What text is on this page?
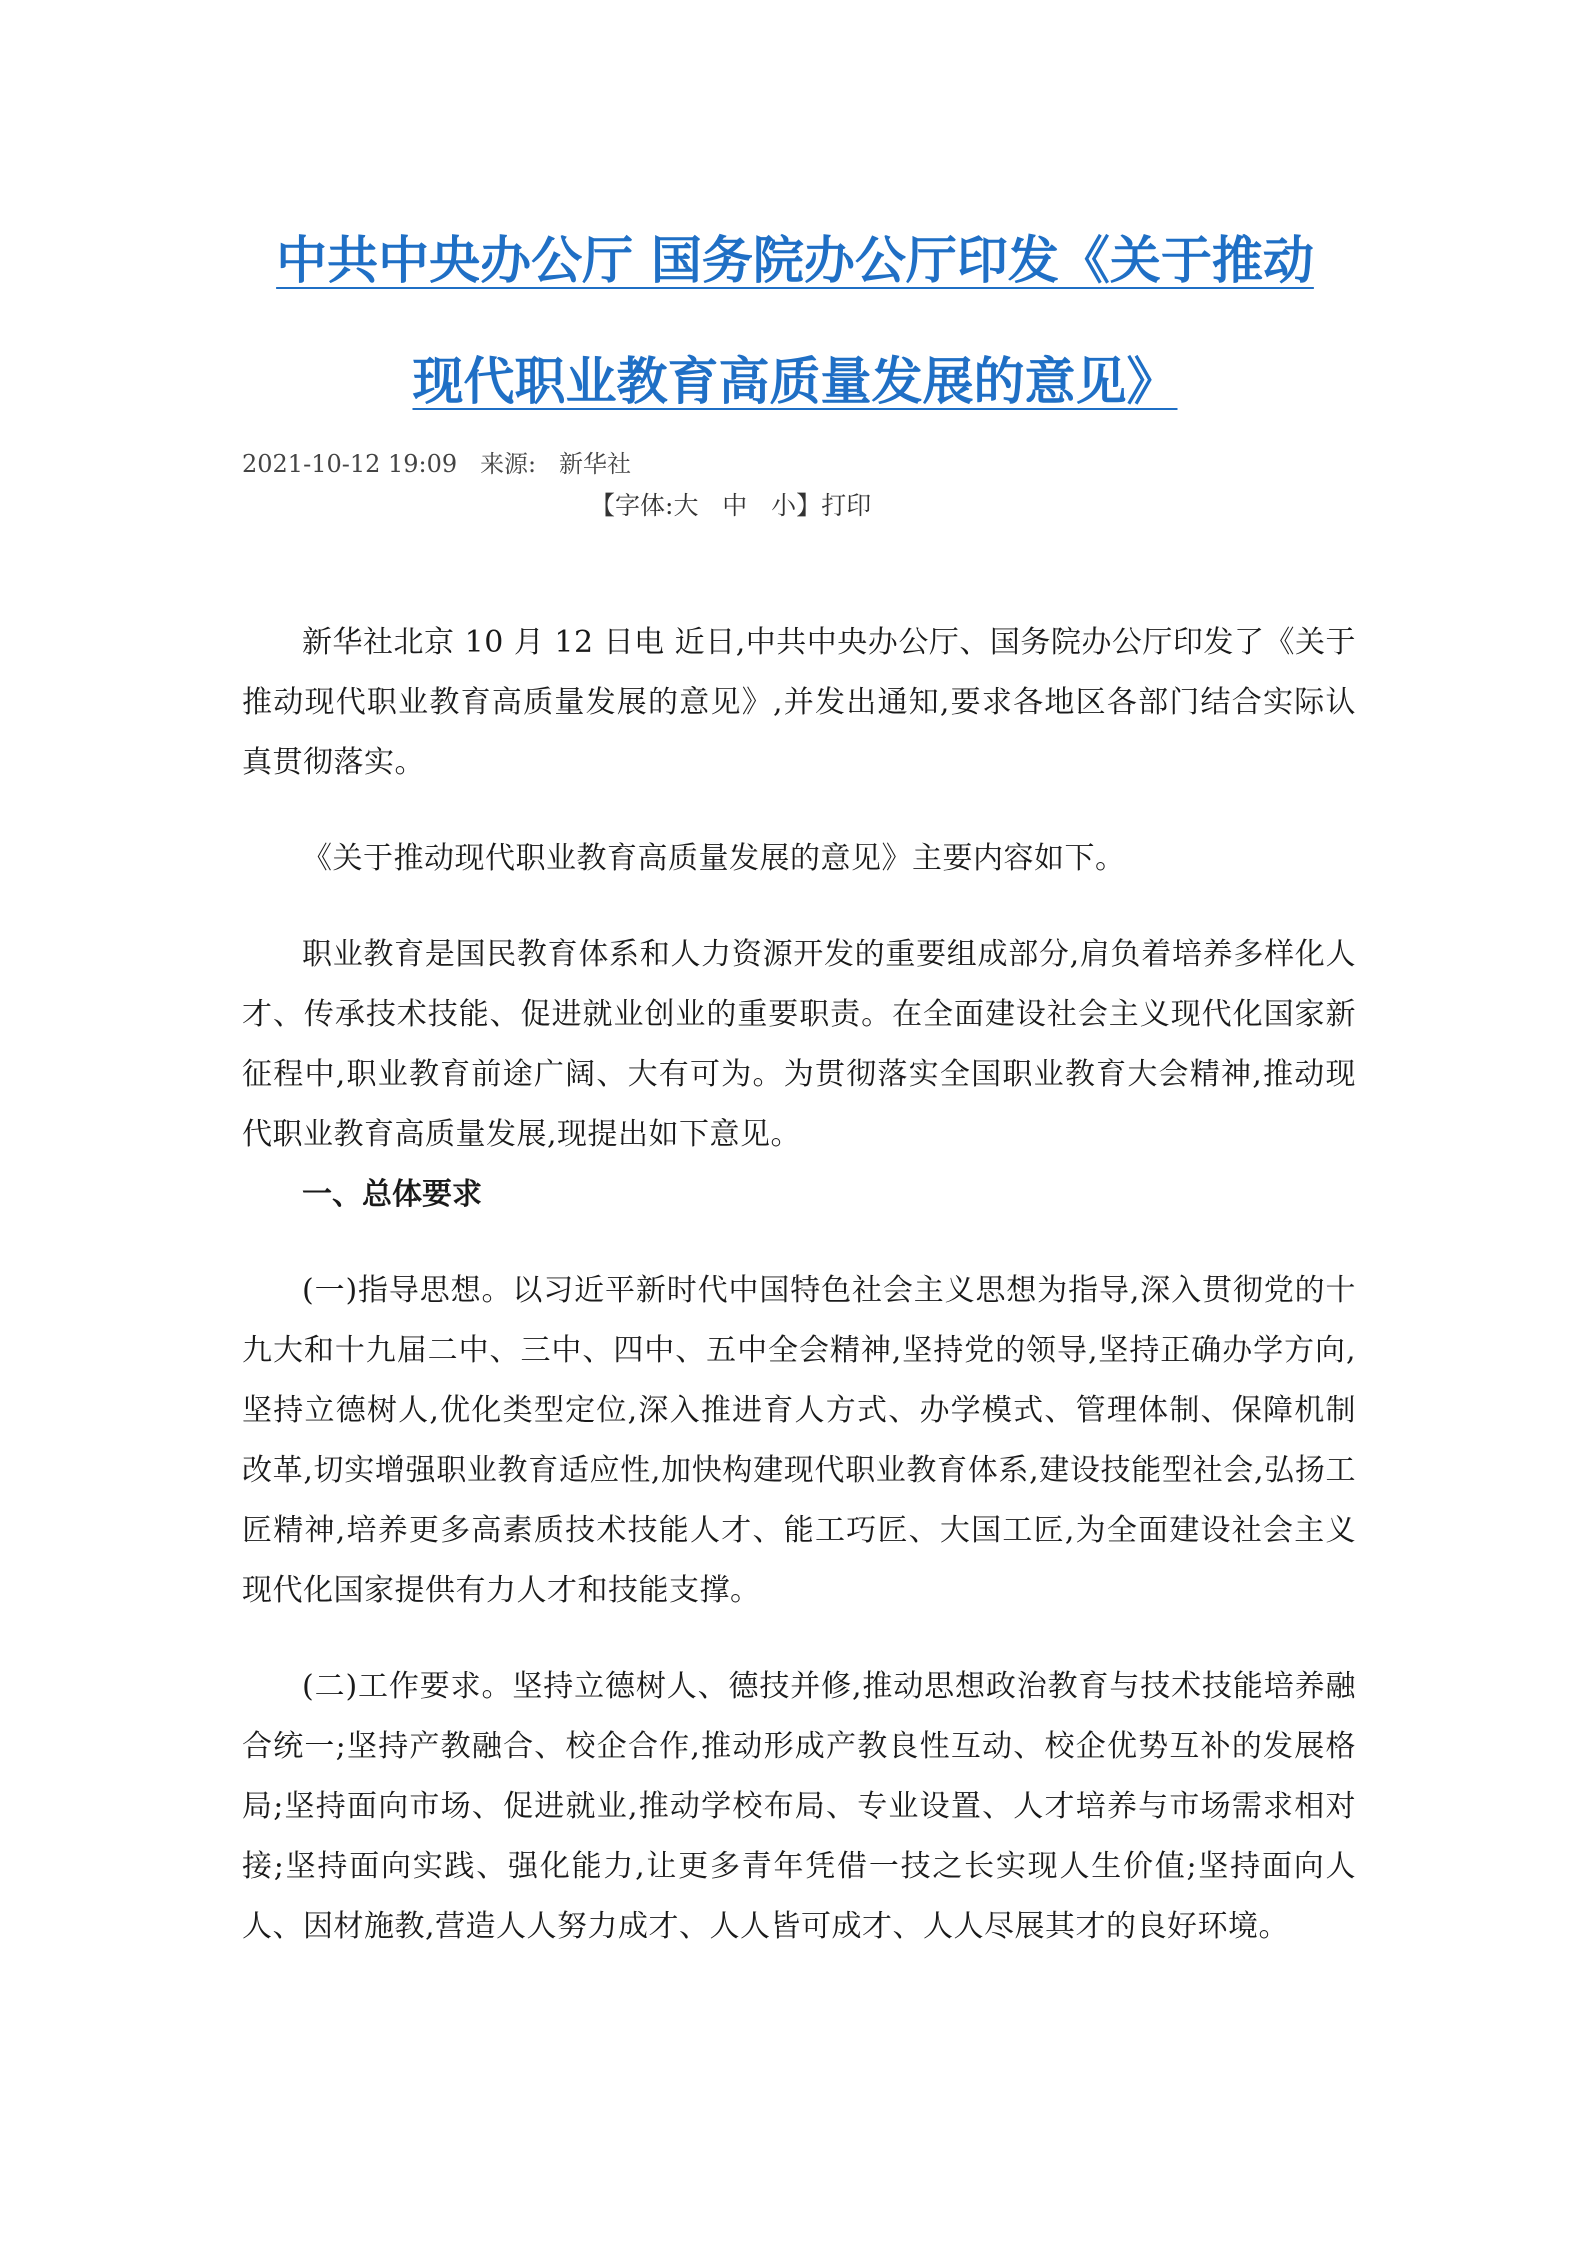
中共中央办公厅 国务院办公厅印发《关于推动
现代职业教育高质量发展的意见》
2021-10-12 19:09 来源: 新华社
【字体:大 中 小】打印

新华社北京 10 月 12 日电 近日,中共中央办公厅、国务院办公厅印发了《关于推动现代职业教育高质量发展的意见》,并发出通知,要求各地区各部门结合实际认真贯彻落实。

《关于推动现代职业教育高质量发展的意见》主要内容如下。

职业教育是国民教育体系和人力资源开发的重要组成部分,肩负着培养多样化人才、传承技术技能、促进就业创业的重要职责。在全面建设社会主义现代化国家新征程中,职业教育前途广阔、大有可为。为贯彻落实全国职业教育大会精神,推动现代职业教育高质量发展,现提出如下意见。

一、总体要求

(一)指导思想。以习近平新时代中国特色社会主义思想为指导,深入贯彻党的十九大和十九届二中、三中、四中、五中全会精神,坚持党的领导,坚持正确办学方向,坚持立德树人,优化类型定位,深入推进育人方式、办学模式、管理体制、保障机制改革,切实增强职业教育适应性,加快构建现代职业教育体系,建设技能型社会,弘扬工匠精神,培养更多高素质技术技能人才、能工巧匠、大国工匠,为全面建设社会主义现代化国家提供有力人才和技能支撑。

(二)工作要求。坚持立德树人、德技并修,推动思想政治教育与技术技能培养融合统一;坚持产教融合、校企合作,推动形成产教良性互动、校企优势互补的发展格局;坚持面向市场、促进就业,推动学校布局、专业设置、人才培养与市场需求相对接;坚持面向实践、强化能力,让更多青年凭借一技之长实现人生价值;坚持面向人人、因材施教,营造人人努力成才、人人皆可成才、人人尽展其才的良好环境。
